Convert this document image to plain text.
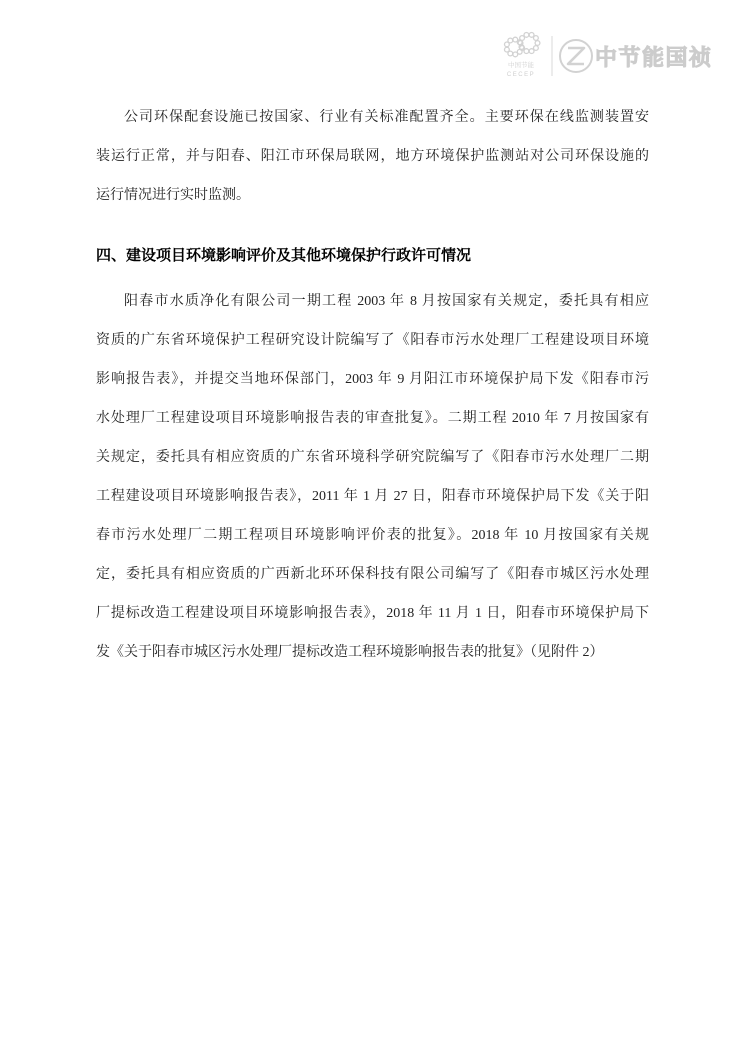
中国节能
CECEP
中节能国祯
公司环保配套设施已按国家、行业有关标准配置齐全。主要环保在线监测装置安
装运行正常，并与阳春、阳江市环保局联网，地方环境保护监测站对公司环保设施的
运行情况进行实时监测。
四、建设项目环境影响评价及其他环境保护行政许可情况
阳春市水质净化有限公司一期工程 2003 年 8 月按国家有关规定，委托具有相应
资质的广东省环境保护工程研究设计院编写了《阳春市污水处理厂工程建设项目环境
影响报告表》，并提交当地环保部门，2003 年 9 月阳江市环境保护局下发《阳春市污
水处理厂工程建设项目环境影响报告表的审查批复》。二期工程 2010 年 7 月按国家有
关规定，委托具有相应资质的广东省环境科学研究院编写了《阳春市污水处理厂二期
工程建设项目环境影响报告表》，2011 年 1 月 27 日，阳春市环境保护局下发《关于阳
春市污水处理厂二期工程项目环境影响评价表的批复》。2018 年 10 月按国家有关规
定，委托具有相应资质的广西新北环环保科技有限公司编写了《阳春市城区污水处理
厂提标改造工程建设项目环境影响报告表》，2018 年 11 月 1 日，阳春市环境保护局下
发《关于阳春市城区污水处理厂提标改造工程环境影响报告表的批复》（见附件 2）
